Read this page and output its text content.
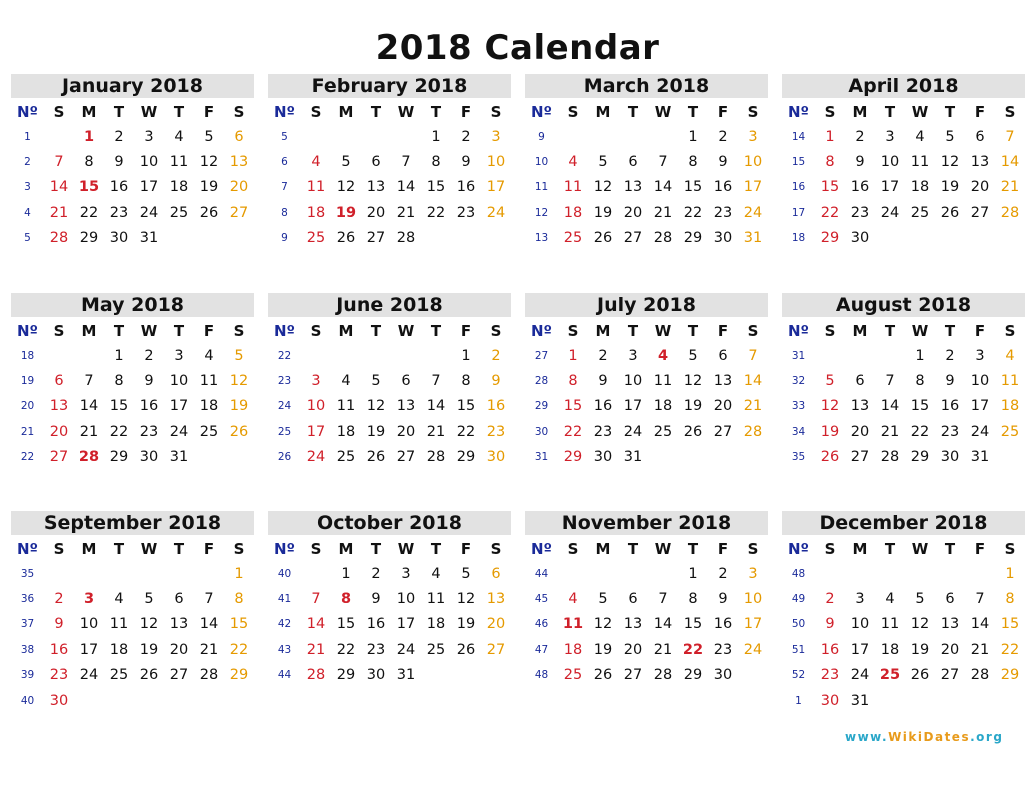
2018 Calendar
January 2018
Nº	S	M	T	W	T	F	S
1		1	2	3	4	5	6
2	7	8	9	10	11	12	13
3	14	15	16	17	18	19	20
4	21	22	23	24	25	26	27
5	28	29	30	31			
February 2018
Nº	S	M	T	W	T	F	S
5					1	2	3
6	4	5	6	7	8	9	10
7	11	12	13	14	15	16	17
8	18	19	20	21	22	23	24
9	25	26	27	28			
March 2018
Nº	S	M	T	W	T	F	S
9					1	2	3
10	4	5	6	7	8	9	10
11	11	12	13	14	15	16	17
12	18	19	20	21	22	23	24
13	25	26	27	28	29	30	31
April 2018
Nº	S	M	T	W	T	F	S
14	1	2	3	4	5	6	7
15	8	9	10	11	12	13	14
16	15	16	17	18	19	20	21
17	22	23	24	25	26	27	28
18	29	30					
May 2018
Nº	S	M	T	W	T	F	S
18			1	2	3	4	5
19	6	7	8	9	10	11	12
20	13	14	15	16	17	18	19
21	20	21	22	23	24	25	26
22	27	28	29	30	31		
June 2018
Nº	S	M	T	W	T	F	S
22						1	2
23	3	4	5	6	7	8	9
24	10	11	12	13	14	15	16
25	17	18	19	20	21	22	23
26	24	25	26	27	28	29	30
July 2018
Nº	S	M	T	W	T	F	S
27	1	2	3	4	5	6	7
28	8	9	10	11	12	13	14
29	15	16	17	18	19	20	21
30	22	23	24	25	26	27	28
31	29	30	31				
August 2018
Nº	S	M	T	W	T	F	S
31				1	2	3	4
32	5	6	7	8	9	10	11
33	12	13	14	15	16	17	18
34	19	20	21	22	23	24	25
35	26	27	28	29	30	31	
September 2018
Nº	S	M	T	W	T	F	S
35							1
36	2	3	4	5	6	7	8
37	9	10	11	12	13	14	15
38	16	17	18	19	20	21	22
39	23	24	25	26	27	28	29
40	30						
October 2018
Nº	S	M	T	W	T	F	S
40		1	2	3	4	5	6
41	7	8	9	10	11	12	13
42	14	15	16	17	18	19	20
43	21	22	23	24	25	26	27
44	28	29	30	31			
November 2018
Nº	S	M	T	W	T	F	S
44					1	2	3
45	4	5	6	7	8	9	10
46	11	12	13	14	15	16	17
47	18	19	20	21	22	23	24
48	25	26	27	28	29	30	
December 2018
Nº	S	M	T	W	T	F	S
48							1
49	2	3	4	5	6	7	8
50	9	10	11	12	13	14	15
51	16	17	18	19	20	21	22
52	23	24	25	26	27	28	29
1	30	31					
www.WikiDates.org
